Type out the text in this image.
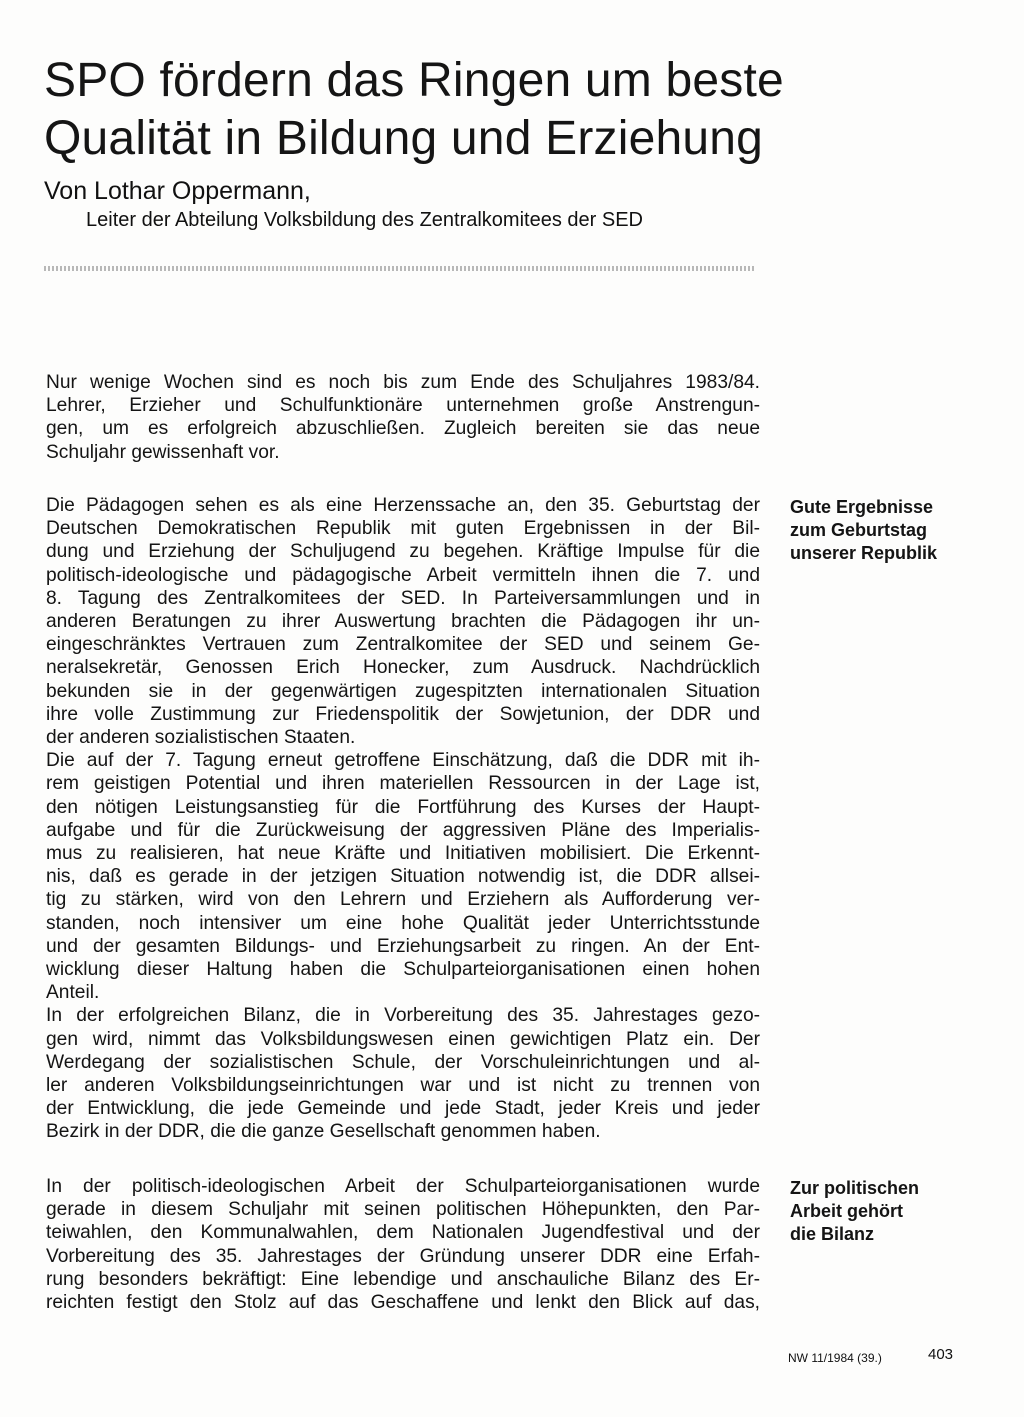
SPO fördern das Ringen um beste
Qualität in Bildung und Erziehung
Von Lothar Oppermann,
Leiter der Abteilung Volksbildung des Zentralkomitees der SED
Nur wenige Wochen sind es noch bis zum Ende des Schuljahres 1983/84.
Lehrer, Erzieher und Schulfunktionäre unternehmen große Anstrengun-
gen, um es erfolgreich abzuschließen. Zugleich bereiten sie das neue
Schuljahr gewissenhaft vor.
Die Pädagogen sehen es als eine Herzenssache an, den 35. Geburtstag der
Deutschen Demokratischen Republik mit guten Ergebnissen in der Bil-
dung und Erziehung der Schuljugend zu begehen. Kräftige Impulse für die
politisch-ideologische und pädagogische Arbeit vermitteln ihnen die 7. und
8. Tagung des Zentralkomitees der SED. In Parteiversammlungen und in
anderen Beratungen zu ihrer Auswertung brachten die Pädagogen ihr un-
eingeschränktes Vertrauen zum Zentralkomitee der SED und seinem Ge-
neralsekretär, Genossen Erich Honecker, zum Ausdruck. Nachdrücklich
bekunden sie in der gegenwärtigen zugespitzten internationalen Situation
ihre volle Zustimmung zur Friedenspolitik der Sowjetunion, der DDR und
der anderen sozialistischen Staaten.
Die auf der 7. Tagung erneut getroffene Einschätzung, daß die DDR mit ih-
rem geistigen Potential und ihren materiellen Ressourcen in der Lage ist,
den nötigen Leistungsanstieg für die Fortführung des Kurses der Haupt-
aufgabe und für die Zurückweisung der aggressiven Pläne des Imperialis-
mus zu realisieren, hat neue Kräfte und Initiativen mobilisiert. Die Erkennt-
nis, daß es gerade in der jetzigen Situation notwendig ist, die DDR allsei-
tig zu stärken, wird von den Lehrern und Erziehern als Aufforderung ver-
standen, noch intensiver um eine hohe Qualität jeder Unterrichtsstunde
und der gesamten Bildungs- und Erziehungsarbeit zu ringen. An der Ent-
wicklung dieser Haltung haben die Schulparteiorganisationen einen hohen
Anteil.
In der erfolgreichen Bilanz, die in Vorbereitung des 35. Jahrestages gezo-
gen wird, nimmt das Volksbildungswesen einen gewichtigen Platz ein. Der
Werdegang der sozialistischen Schule, der Vorschuleinrichtungen und al-
ler anderen Volksbildungseinrichtungen war und ist nicht zu trennen von
der Entwicklung, die jede Gemeinde und jede Stadt, jeder Kreis und jeder
Bezirk in der DDR, die die ganze Gesellschaft genommen haben.
In der politisch-ideologischen Arbeit der Schulparteiorganisationen wurde
gerade in diesem Schuljahr mit seinen politischen Höhepunkten, den Par-
teiwahlen, den Kommunalwahlen, dem Nationalen Jugendfestival und der
Vorbereitung des 35. Jahrestages der Gründung unserer DDR eine Erfah-
rung besonders bekräftigt: Eine lebendige und anschauliche Bilanz des Er-
reichten festigt den Stolz auf das Geschaffene und lenkt den Blick auf das,
Gute Ergebnisse
zum Geburtstag
unserer Republik
Zur politischen
Arbeit gehört
die Bilanz
NW 11/1984 (39.)	403
